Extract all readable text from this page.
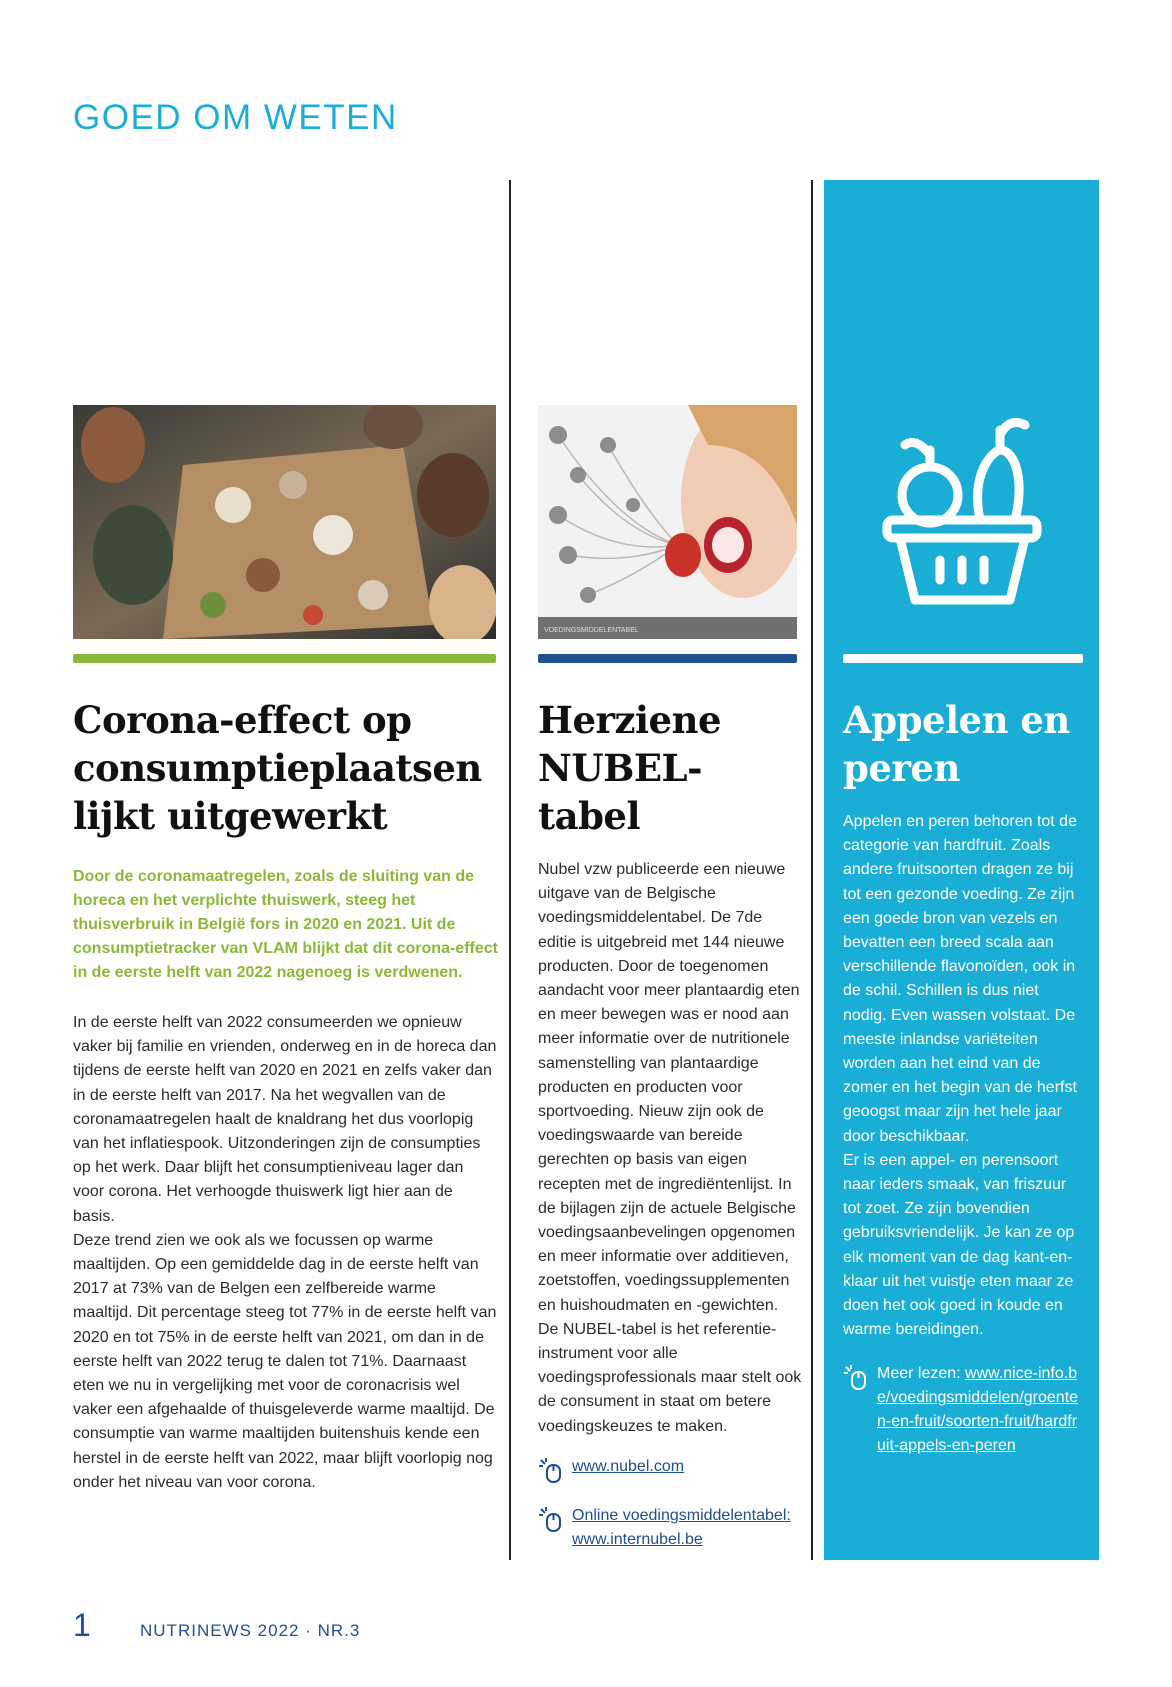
GOED OM WETEN
VOEDINGSMIDDELENTABEL
Corona-effect op consumptieplaatsen lijkt uitgewerkt

Door de coronamaatregelen, zoals de sluiting van de horeca en het verplichte thuiswerk, steeg het thuisverbruik in België fors in 2020 en 2021. Uit de consumptietracker van VLAM blijkt dat dit corona-effect in de eerste helft van 2022 nagenoeg is verdwenen.

In de eerste helft van 2022 consumeerden we opnieuw vaker bij familie en vrienden, onderweg en in de horeca dan tijdens de eerste helft van 2020 en 2021 en zelfs vaker dan in de eerste helft van 2017. Na het wegvallen van de coronamaatregelen haalt de knaldrang het dus voorlopig van het inflatiespook. Uitzonderingen zijn de consumpties op het werk. Daar blijft het consumptieniveau lager dan voor corona. Het verhoogde thuiswerk ligt hier aan de basis.

Deze trend zien we ook als we focussen op warme maaltijden. Op een gemiddelde dag in de eerste helft van 2017 at 73% van de Belgen een zelfbereide warme maaltijd. Dit percentage steeg tot 77% in de eerste helft van 2020 en tot 75% in de eerste helft van 2021, om dan in de eerste helft van 2022 terug te dalen tot 71%. Daarnaast eten we nu in vergelijking met voor de coronacrisis wel vaker een afgehaalde of thuisgeleverde warme maaltijd. De consumptie van warme maaltijden buitenshuis kende een herstel in de eerste helft van 2022, maar blijft voorlopig nog onder het niveau van voor corona.

Herziene NUBEL-tabel

Nubel vzw publiceerde een nieuwe uitgave van de Belgische voedingsmiddelentabel. De 7de editie is uitgebreid met 144 nieuwe producten. Door de toegenomen aandacht voor meer plantaardig eten en meer bewegen was er nood aan meer informatie over de nutritionele samenstelling van plantaardige producten en producten voor sportvoeding. Nieuw zijn ook de voedingswaarde van bereide gerechten op basis van eigen recepten met de ingrediëntenlijst. In de bijlagen zijn de actuele Belgische voedingsaanbevelingen opgenomen en meer informatie over additieven, zoetstoffen, voedingssupplementen en huishoudmaten en -gewichten.

De NUBEL-tabel is het referentie-instrument voor alle voedingsprofessionals maar stelt ook de consument in staat om betere voedingskeuzes te maken.

www.nubel.com
Online voedingsmiddelentabel: www.internubel.be
Appelen en peren

Appelen en peren behoren tot de categorie van hardfruit. Zoals andere fruitsoorten dragen ze bij tot een gezonde voeding. Ze zijn een goede bron van vezels en bevatten een breed scala aan verschillende flavonoïden, ook in de schil. Schillen is dus niet nodig. Even wassen volstaat. De meeste inlandse variëteiten worden aan het eind van de zomer en het begin van de herfst geoogst maar zijn het hele jaar door beschikbaar.

Er is een appel- en perensoort naar ieders smaak, van friszuur tot zoet. Ze zijn bovendien gebruiksvriendelijk. Je kan ze op elk moment van de dag kant-en-klaar uit het vuistje eten maar ze doen het ook goed in koude en warme bereidingen.

Meer lezen: www.nice-info.be/voedingsmiddelen/groenten-en-fruit/soorten-fruit/hardfruit-appels-en-peren
1	NUTRINEWS 2022 · NR.3
